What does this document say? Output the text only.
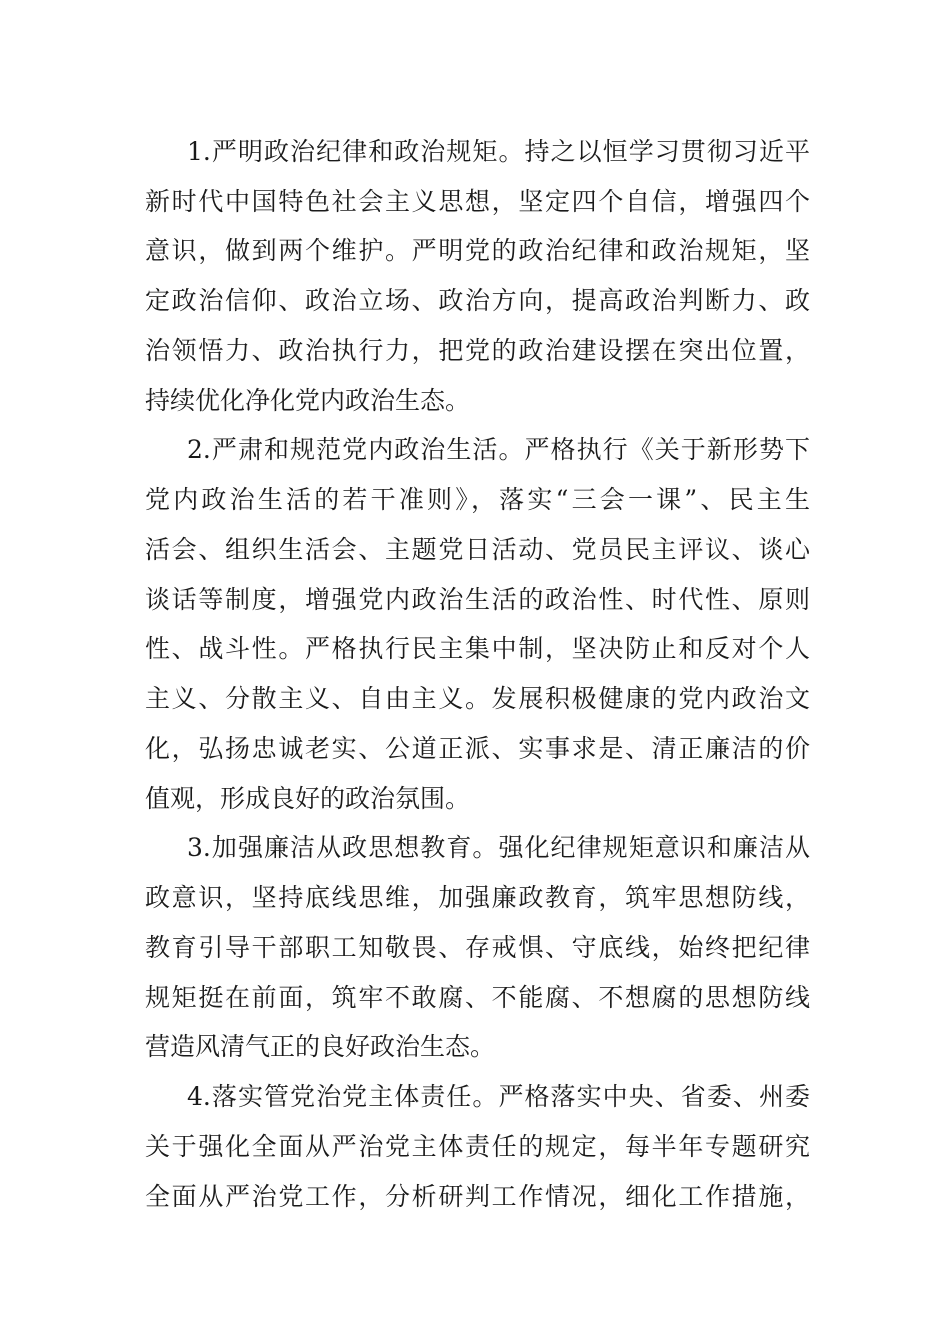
1.严明政治纪律和政治规矩。持之以恒学习贯彻习近平
新时代中国特色社会主义思想，坚定四个自信，增强四个
意识，做到两个维护。严明党的政治纪律和政治规矩，坚
定政治信仰、政治立场、政治方向，提高政治判断力、政
治领悟力、政治执行力，把党的政治建设摆在突出位置，
持续优化净化党内政治生态。
2.严肃和规范党内政治生活。严格执行《关于新形势下
党内政治生活的若干准则》，落实“三会一课”、民主生
活会、组织生活会、主题党日活动、党员民主评议、谈心
谈话等制度，增强党内政治生活的政治性、时代性、原则
性、战斗性。严格执行民主集中制，坚决防止和反对个人
主义、分散主义、自由主义。发展积极健康的党内政治文
化，弘扬忠诚老实、公道正派、实事求是、清正廉洁的价
值观，形成良好的政治氛围。
3.加强廉洁从政思想教育。强化纪律规矩意识和廉洁从
政意识，坚持底线思维，加强廉政教育，筑牢思想防线，
教育引导干部职工知敬畏、存戒惧、守底线，始终把纪律
规矩挺在前面，筑牢不敢腐、不能腐、不想腐的思想防线
营造风清气正的良好政治生态。
4.落实管党治党主体责任。严格落实中央、省委、州委
关于强化全面从严治党主体责任的规定，每半年专题研究
全面从严治党工作，分析研判工作情况，细化工作措施，
